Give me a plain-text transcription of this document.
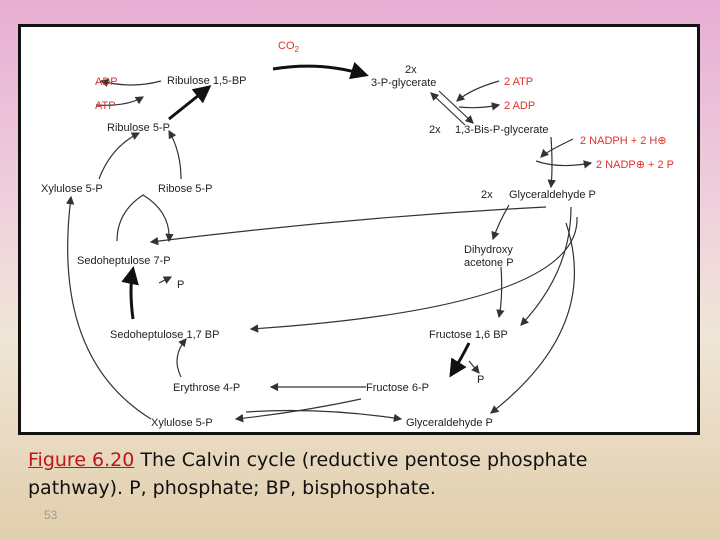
$CO_2$
Ribulose 1,5-BP
ADP
ATP
Ribulose 5-P
2x
3-P-glycerate	2 ATP
2 ADP
2x 1,3-Bis-P-glycerate
2 NADPH + 2 H⊕
2 NADP⊕ + 2 P
Xylulose 5-P	Ribose 5-P	2x Glyceraldehyde P
Sedoheptulose 7-P
Dihydroxy
acetone P
P
Sedoheptulose 1,7 BP	Fructose 1,6 BP
Erythrose 4-P	Fructose 6-P
P
Xylulose 5-P	Glyceraldehyde P
Figure 6.20 The Calvin cycle (reductive pentose phosphate pathway). P, phosphate; BP, bisphosphate.
53
